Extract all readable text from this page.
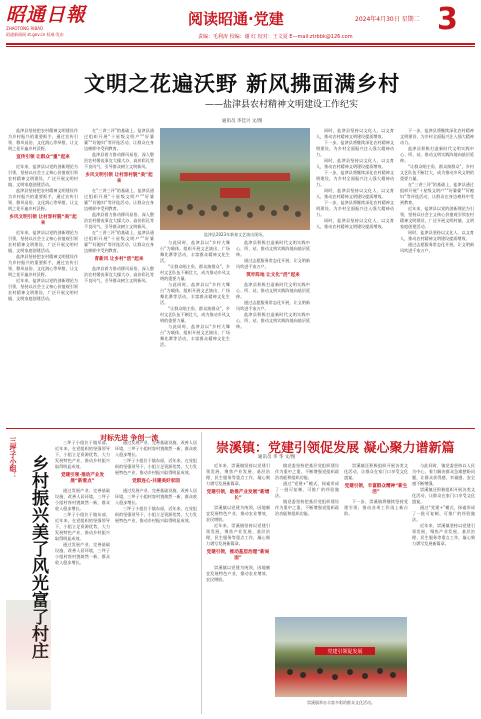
昭通日報
ZHAOTONG RIBAO
昭通新闻网 zt.gov.cn 权威·发布
阅读昭通·党建	2024年4月30日 星期二 3
责编：毛利涛 校编：谢 红 校对：王文夏 E—mail:ztrbbk@126.com
文明之花遍沃野 新风拂面满乡村
——盐津县农村精神文明建设工作纪实
通讯员 李佳兴 文/图

盐津县坚持把农村精神文明建设作为乡村振兴的重要抓手，通过宣传引领、移风易俗、文化润心等举措，让文明之花开遍乡村沃野。

宣传引领 让群众“重”起来

近年来，盐津县以党的创新理论为引领，坚持以社会主义核心价值观引领农村精神文明建设，广泛开展文明村镇、文明家庭创建活动。

盐津县坚持把农村精神文明建设作为乡村振兴的重要抓手，通过宣传引领、移风易俗、文化润心等举措，让文明之花开遍乡村沃野。

乡风文明引领 让村容村貌“美”起来

近年来，盐津县以党的创新理论为引领，坚持以社会主义核心价值观引领农村精神文明建设，广泛开展文明村镇、文明家庭创建活动。

盐津县坚持把农村精神文明建设作为乡村振兴的重要抓手，通过宣传引领、移风易俗、文化润心等举措，让文明之花开遍乡村沃野。

近年来，盐津县以党的创新理论为引领，坚持以社会主义核心价值观引领农村精神文明建设，广泛开展文明村镇、文明家庭创建活动。

在“三讲三评”的基础上，盐津县通过组织开展“十星级文明户”“好婆婆”“好媳妇”等评选活动，让群众在身边榜样中受到教育。

盐津县着力推动移风易俗，深入整治农村婚丧事宜大操大办、高价彩礼等不良风气，引导群众树立文明新风。

乡风文明引领 让村容村貌“美”起来

在“三讲三评”的基础上，盐津县通过组织开展“十星级文明户”“好婆婆”“好媳妇”等评选活动，让群众在身边榜样中受到教育。

盐津县着力推动移风易俗，深入整治农村婚丧事宜大操大办、高价彩礼等不良风气，引导群众树立文明新风。

在“三讲三评”的基础上，盐津县通过组织开展“十星级文明户”“好婆婆”“好媳妇”等评选活动，让群众在身边榜样中受到教育。

育新风 让乡村“活”起来

盐津县着力推动移风易俗，深入整治农村婚丧事宜大操大办、高价彩礼等不良风气，引导群众树立文明新风。

盐津县2023年新春文艺演出现场。

与此同时，盐津县以“乡村大舞台”为载体，组织开展文艺演出、广场舞比赛等活动，丰富群众精神文化生活。

“让群众唱主角、群众演群众”，乡村文艺队伍不断壮大，成为推动乡风文明的重要力量。

与此同时，盐津县以“乡村大舞台”为载体，组织开展文艺演出、广场舞比赛等活动，丰富群众精神文化生活。

“让群众唱主角、群众演群众”，乡村文艺队伍不断壮大，成为推动乡风文明的重要力量。

与此同时，盐津县以“乡村大舞台”为载体，组织开展文艺演出、广场舞比赛等活动，丰富群众精神文化生活。

盐津县积极打造新时代文明实践中心、所、站，推动文明实践阵地向基层延伸。

通过志愿服务常态化开展，让文明新风吹进千家万户。

筑牢阵地 让文化“活”起来

盐津县积极打造新时代文明实践中心、所、站，推动文明实践阵地向基层延伸。

通过志愿服务常态化开展，让文明新风吹进千家万户。

盐津县积极打造新时代文明实践中心、所、站，推动文明实践阵地向基层延伸。

同时，盐津县坚持以文化人、以文育人，推动农村精神文明建设提质增效。

下一步，盐津县将继续深化农村精神文明建设，为乡村全面振兴注入强大精神动力。

同时，盐津县坚持以文化人、以文育人，推动农村精神文明建设提质增效。

下一步，盐津县将继续深化农村精神文明建设，为乡村全面振兴注入强大精神动力。

同时，盐津县坚持以文化人、以文育人，推动农村精神文明建设提质增效。

下一步，盐津县将继续深化农村精神文明建设，为乡村全面振兴注入强大精神动力。

同时，盐津县坚持以文化人、以文育人，推动农村精神文明建设提质增效。

下一步，盐津县将继续深化农村精神文明建设，为乡村全面振兴注入强大精神动力。

盐津县积极打造新时代文明实践中心、所、站，推动文明实践阵地向基层延伸。

“让群众唱主角、群众演群众”，乡村文艺队伍不断壮大，成为推动乡风文明的重要力量。

在“三讲三评”的基础上，盐津县通过组织开展“十星级文明户”“好婆婆”“好媳妇”等评选活动，让群众在身边榜样中受到教育。

近年来，盐津县以党的创新理论为引领，坚持以社会主义核心价值观引领农村精神文明建设，广泛开展文明村镇、文明家庭创建活动。

同时，盐津县坚持以文化人、以文育人，推动农村精神文明建设提质增效。

通过志愿服务常态化开展，让文明新风吹进千家万户。

对标先进 争创一流
三坪子小组： 乡村振兴美了风光富了村庄

三坪子小组位于镇东部，近年来，在党组织的坚强领导下，小组立足资源优势，大力发展特色产业，推动乡村振兴取得明显成效。

党建引领·推动产业发展“新看点”

通过发展产业、完善基础设施、改善人居环境，三坪子小组村容村貌焕然一新，群众收入稳步增长。

三坪子小组位于镇东部，近年来，在党组织的坚强领导下，小组立足资源优势，大力发展特色产业，推动乡村振兴取得明显成效。

通过发展产业、完善基础设施、改善人居环境，三坪子小组村容村貌焕然一新，群众收入稳步增长。

通过发展产业、完善基础设施、改善人居环境，三坪子小组村容村貌焕然一新，群众收入稳步增长。

三坪子小组位于镇东部，近年来，在党组织的坚强领导下，小组立足资源优势，大力发展特色产业，推动乡村振兴取得明显成效。

党群连心·共建美好家园

通过发展产业、完善基础设施、改善人居环境，三坪子小组村容村貌焕然一新，群众收入稳步增长。

三坪子小组位于镇东部，近年来，在党组织的坚强领导下，小组立足资源优势，大力发展特色产业，推动乡村振兴取得明显成效。

崇溪镇：党建引领促发展 凝心聚力谱新篇
通讯员 李 华 文/图

近年来，崇溪镇坚持以党建引领发展，聚焦产业发展、基层治理、民生服务等重点工作，凝心聚力谱写发展新篇章。

党建引领，助推产业发展“新增长”

崇溪镇以党建为统领，因地制宜发展特色产业，推动农业增效、农民增收。

近年来，崇溪镇坚持以党建引领发展，聚焦产业发展、基层治理、民生服务等重点工作，凝心聚力谱写发展新篇章。

党建引领，推动基层治理“新局面”

崇溪镇以党建为统领，因地制宜发展特色产业，推动农业增效、农民增收。

镇党委坚持把基层党组织建设作为重中之重，不断增强党组织政治功能和组织功能。

通过“党建+”模式，探索形成了一批可复制、可推广的经验做法。

镇党委坚持把基层党组织建设作为重中之重，不断增强党组织政治功能和组织功能。

崇溪镇还积极组织开展各类文化活动，让群众在家门口享受文化盛宴。

党建引领，丰富群众精神“新生活”

下一步，崇溪镇将继续坚持党建引领，推动各项工作再上新台阶。

与此同时，镇党委坚持以人民为中心，着力解决群众急难愁盼问题，让群众获得感、幸福感、安全感不断增强。

崇溪镇还积极组织开展各类文化活动，让群众在家门口享受文化盛宴。

通过“党建+”模式，探索形成了一批可复制、可推广的经验做法。

近年来，崇溪镇坚持以党建引领发展，聚焦产业发展、基层治理、民生服务等重点工作，凝心聚力谱写发展新篇章。

党建引领促发展
崇溪镇举办丰富多彩的群众文化活动。
